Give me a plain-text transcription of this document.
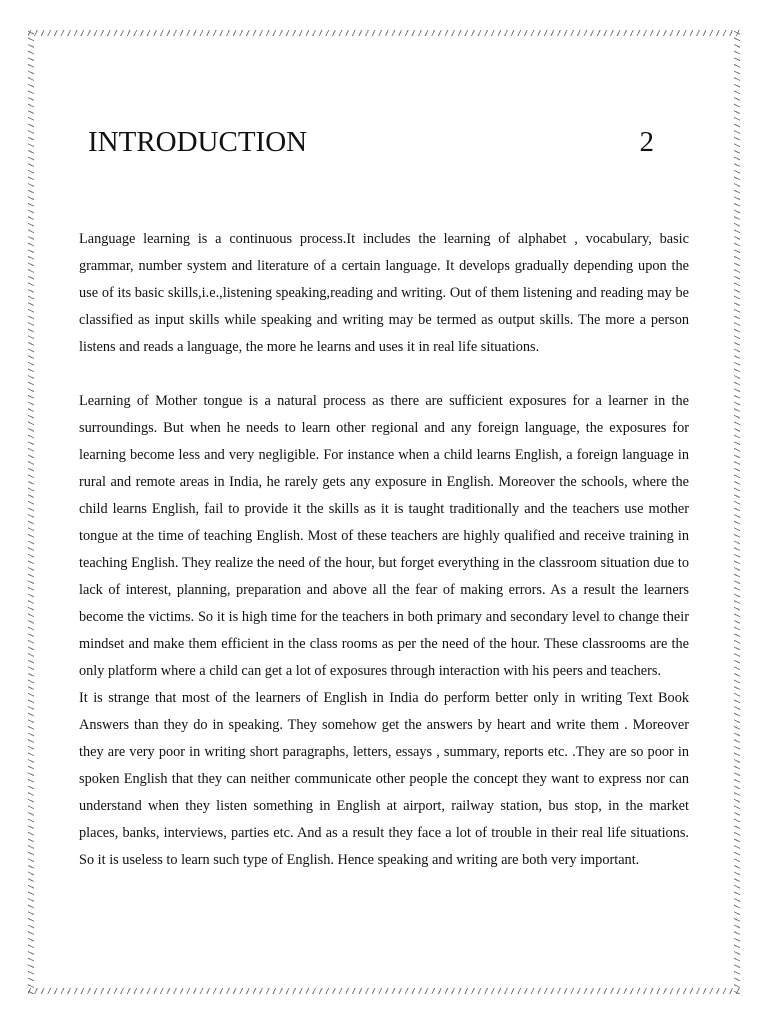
INTRODUCTION	2

Language learning is a continuous process.It includes the learning of alphabet , vocabulary, basic grammar, number system and literature of a certain language. It develops gradually depending upon the use of its basic skills,i.e.,listening speaking,reading and writing. Out of them listening and reading may be classified as input skills while speaking and writing may be termed as output skills. The more a person listens and reads a language, the more he learns and uses it in real life situations.

Learning of Mother tongue is a natural process as there are sufficient exposures for a learner in the surroundings. But when he needs to learn other regional and any foreign language, the exposures for learning become less and very negligible. For instance when a child learns English, a foreign language in rural and remote areas in India, he rarely gets any exposure in English. Moreover the schools, where the child learns English, fail to provide it the skills as it is taught traditionally and the teachers use mother tongue at the time of teaching English. Most of these teachers are highly qualified and receive training in teaching English. They realize the need of the hour, but forget everything in the classroom situation due to lack of interest, planning, preparation and above all the fear of making errors. As a result the learners become the victims. So it is high time for the teachers in both primary and secondary level to change their mindset and make them efficient in the class rooms as per the need of the hour. These classrooms are the only platform where a child can get a lot of exposures through interaction with his peers and teachers.

It is strange that most of the learners of English in India do perform better only in writing Text Book Answers than they do in speaking. They somehow get the answers by heart and write them . Moreover they are very poor in writing short paragraphs, letters, essays , summary, reports etc. .They are so poor in spoken English that they can neither communicate other people the concept they want to express nor can understand when they listen something in English at airport, railway station, bus stop, in the market places, banks, interviews, parties etc. And as a result they face a lot of trouble in their real life situations. So it is useless to learn such type of English. Hence speaking and writing are both very important.
